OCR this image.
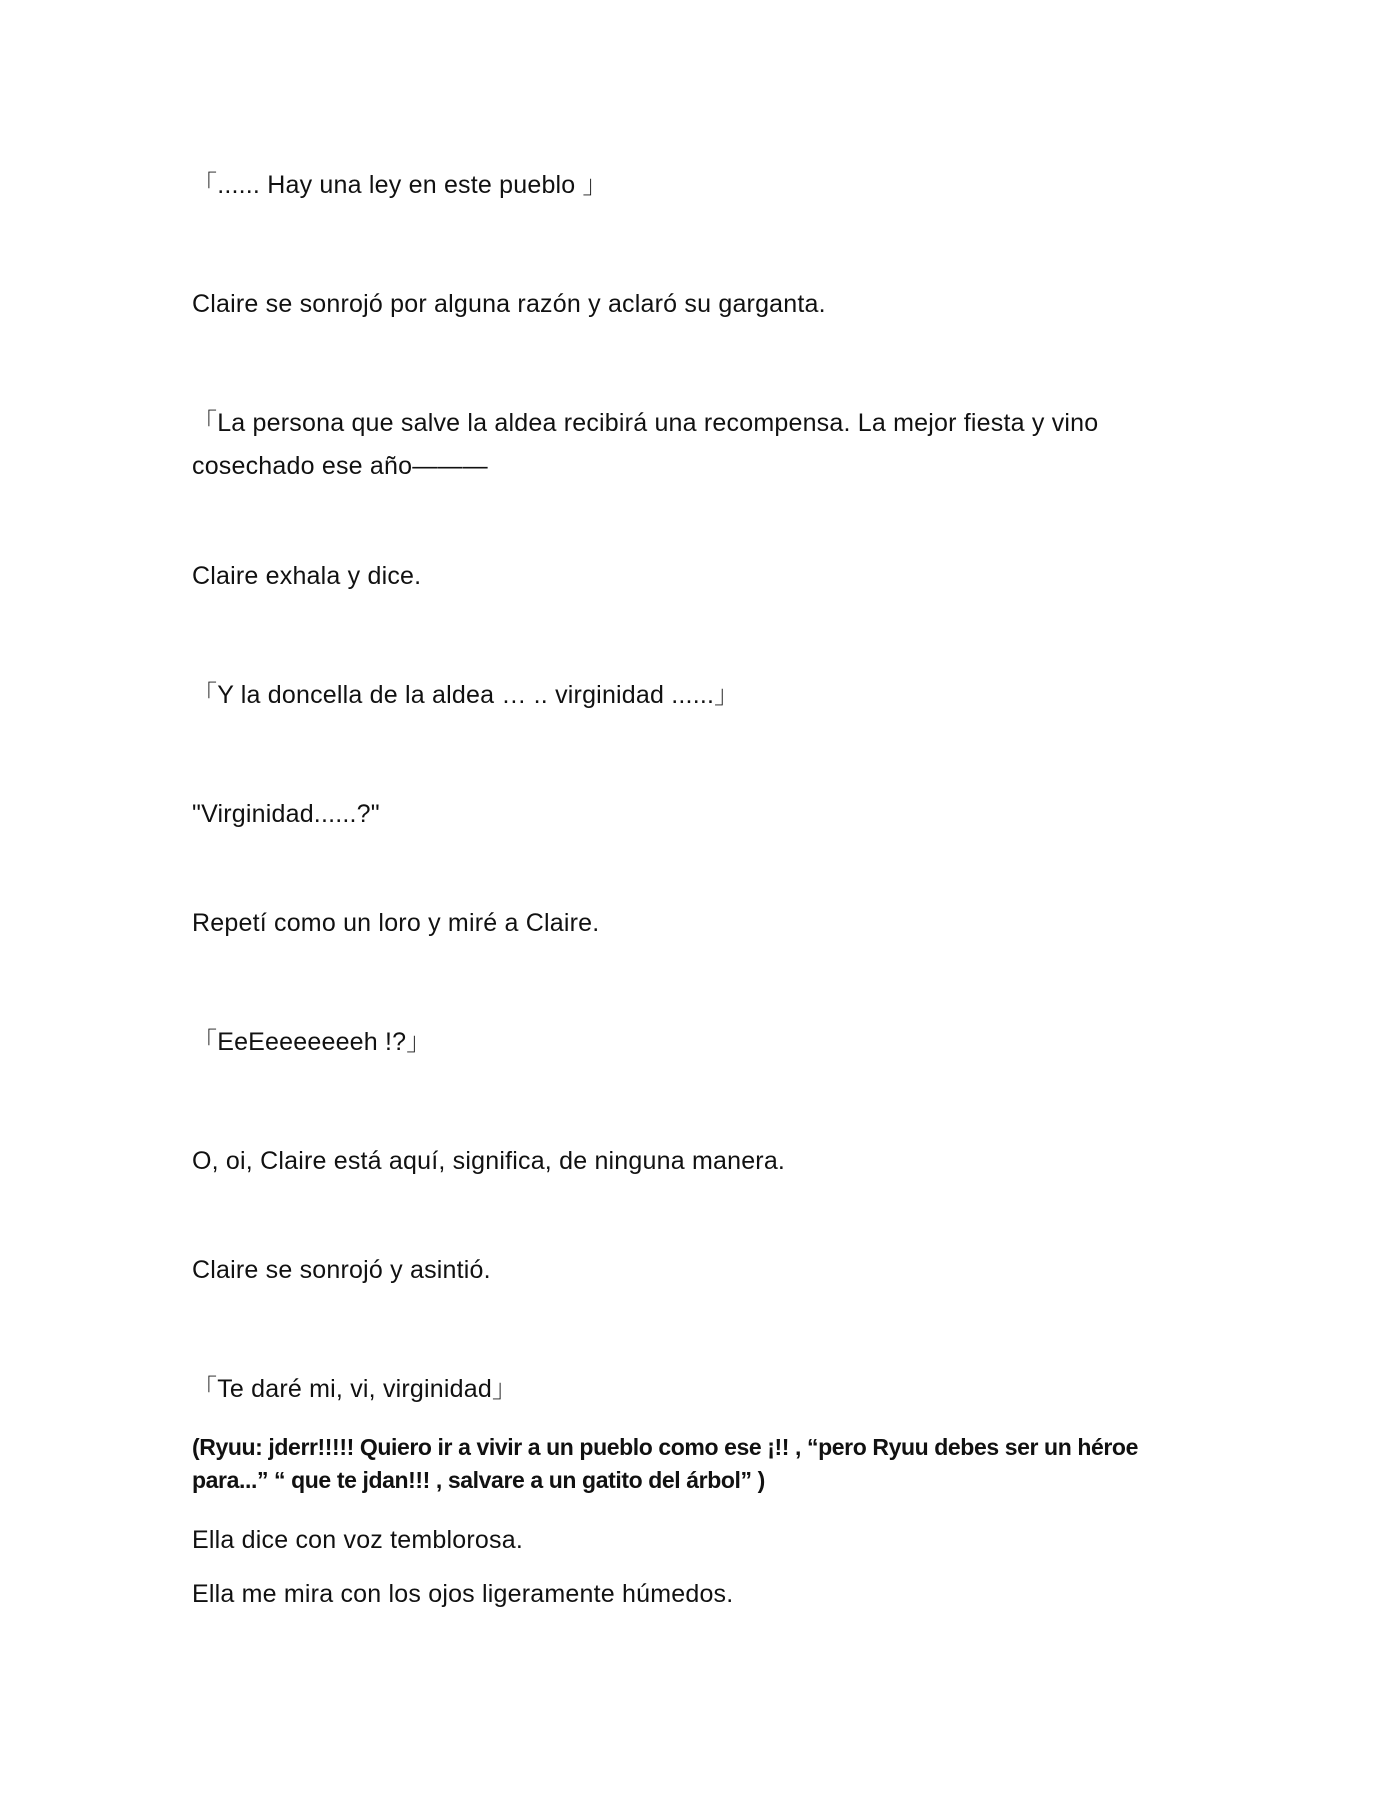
「...... Hay una ley en este pueblo 」

Claire se sonrojó por alguna razón y aclaró su garganta.

「La persona que salve la aldea recibirá una recompensa. La mejor fiesta y vino cosechado ese año———

Claire exhala y dice.

「Y la doncella de la aldea … .. virginidad ......」

"Virginidad......?"

Repetí como un loro y miré a Claire.

「EeEeeeeeeeh !?」

O, oi, Claire está aquí, significa, de ninguna manera.

Claire se sonrojó y asintió.

「Te daré mi, vi, virginidad」

(Ryuu: jderr!!!!! Quiero ir a vivir a un pueblo como ese ¡!! , “pero Ryuu debes ser un héroe para...” “ que te jdan!!! , salvare a un gatito del árbol” )

Ella dice con voz temblorosa.

Ella me mira con los ojos ligeramente húmedos.
